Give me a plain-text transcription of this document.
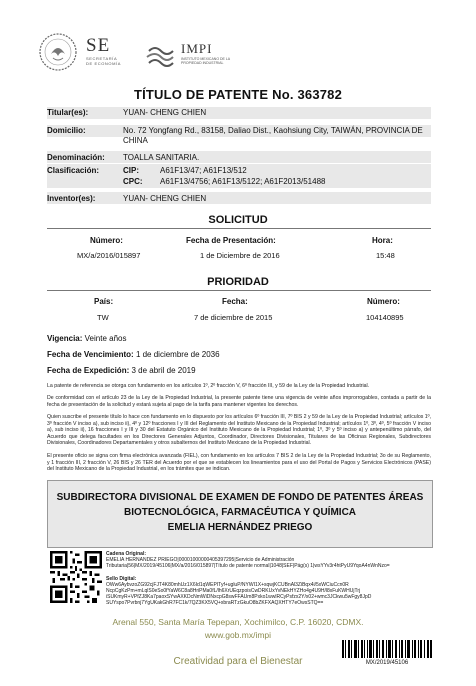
SE
SECRETARÍA
DE ECONOMÍA
IMPI
INSTITUTO MEXICANO DE LA PROPIEDAD INDUSTRIAL
TÍTULO DE PATENTE No. 363782
Titular(es):	YUAN- CHENG CHIEN
Domicilio:	No. 72 Yongfang Rd., 83158, Daliao Dist., Kaohsiung City, TAIWÁN, PROVINCIA DE
CHINA
Denominación:	TOALLA SANITARIA.
Clasificación:	CIP:	A61F13/47; A61F13/512
CPC:	A61F13/4756; A61F13/5122; A61F2013/51488
Inventor(es):	YUAN- CHENG CHIEN
SOLICITUD
Número:	Fecha de Presentación:	Hora:
MX/a/2016/015897	1 de Diciembre de 2016	15:48
PRIORIDAD
País:	Fecha:	Número:
TW	7 de diciembre de 2015	104140895
Vigencia: Veinte años
Fecha de Vencimiento: 1 de diciembre de 2036
Fecha de Expedición: 3 de abril de 2019
La patente de referencia se otorga con fundamento en los artículos 1º, 2º fracción V, 6º fracción III, y 59 de la Ley de la Propiedad Industrial.
De conformidad con el artículo 23 de la Ley de la Propiedad Industrial, la presente patente tiene una vigencia de veinte años improrrogables, contada a partir de la fecha de presentación de la solicitud y estará sujeta al pago de la tarifa para mantener vigentes los derechos.
Quien suscribe el presente título lo hace con fundamento en lo dispuesto por los artículos 6º fracción III, 7º BIS 2 y 59 de la Ley de la Propiedad Industrial; artículos 1º, 3º fracción V inciso a), sub inciso ii), 4º y 12º fracciones I y III del Reglamento del Instituto Mexicano de la Propiedad Industrial; artículos 1º, 3º, 4º, 5º fracción V inciso a), sub inciso ii), 16 fracciones I y III y 30 del Estatuto Orgánico del Instituto Mexicano de la Propiedad Industrial; 1º, 3º y 5º inciso a) y antepenúltimo párrafo, del Acuerdo que delega facultades en los Directores Generales Adjuntos, Coordinador, Directores Divisionales, Titulares de las Oficinas Regionales, Subdirectores Divisionales, Coordinadores Departamentales y otros subalternos del Instituto Mexicano de la Propiedad Industrial.
El presente oficio se signa con firma electrónica avanzada (FIEL), con fundamento en los artículos 7 BIS 2 de la Ley de la Propiedad Industrial; 3o de su Reglamento, y 1 fracción III, 2 fracción V, 26 BIS y 26 TER del Acuerdo por el que se establecen los lineamientos para el uso del Portal de Pagos y Servicios Electrónicos (PASE) del Instituto Mexicano de la Propiedad Industrial, en los trámites que se indican.
SUBDIRECTORA DIVISIONAL DE EXAMEN DE FONDO DE PATENTES ÁREAS
BIOTECNOLÓGICA, FARMACÉUTICA Y QUÍMICA
EMELIA HERNÁNDEZ PRIEGO
Cadena Original:
EMELIA HERNÁNDEZ PRIEGO|00001000000405397295|Servicio de Administración
Tributaria|56|MX/2019/45106|MX/a/2016/015897|Título de patente normal|1048|SEF|Pág(s) 1|wsYYv3r4htPyU9YqoA4nWnNzo=
Sello Digital:
OWw6AybvzoZG92cjFJT4K80mhUz1X6Id1qWEPITyf+ugluP/NYWI1X+sqwjKCUBnAl3ZiBqx4i/5xWCiuCcn0R
NcpCgKzPm+mLqlS0eSo0fYaW6C8a8HriPMa0fL/lh6XrUEqzpoisCwDRKUxYvNEkHYZHo4g4U9H/l8xFuKWHUjTrj
iSUKmyR+VPfZJ8Ka7paoxSYwAXKDcNmWiDNxcpG8swFFAUm8Pxko1wwlRCyPsfzx2Y/x02+wmc3JCkwu5wFgy8JpD
SUYspo7Pvrbnj7YgUKakGhR7FC1k/7QZ3KX5VQ+xbraRTzGkuO8bZKFXAQXHTY7eOwsSTQ==
Arenal 550, Santa María Tepepan, Xochimilco, C.P. 16020, CDMX.
www.gob.mx/impi
Creatividad para el Bienestar	MX/2019/45106
